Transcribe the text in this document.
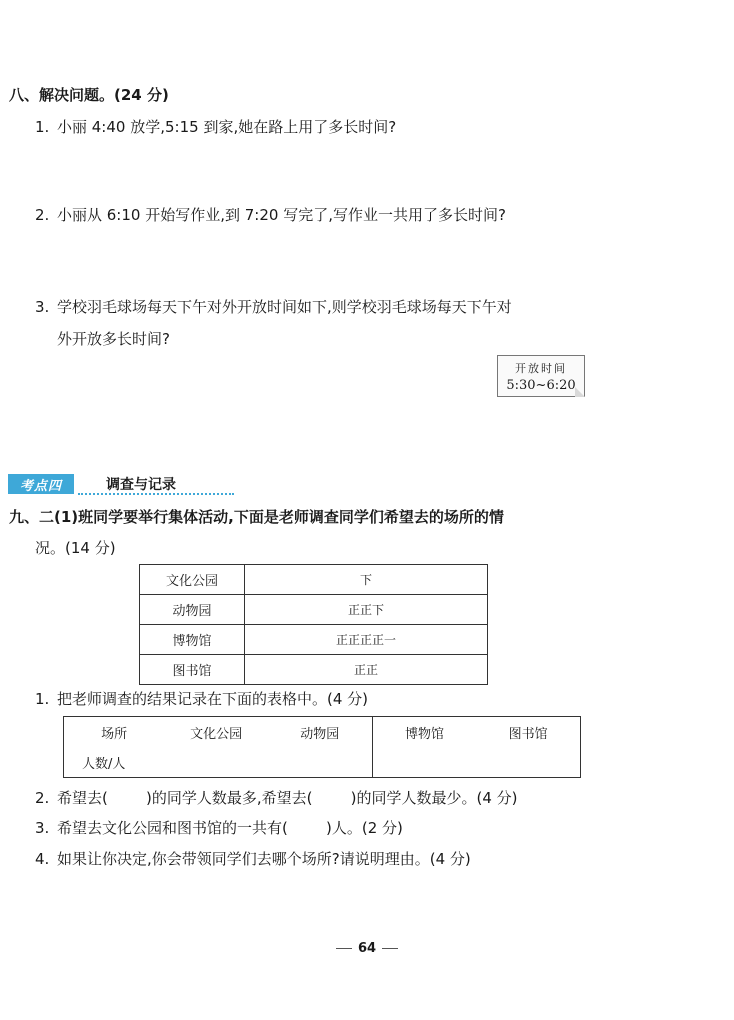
八、解决问题。(24 分)
1. 小丽 4:40 放学,5:15 到家,她在路上用了多长时间?
2. 小丽从 6:10 开始写作业,到 7:20 写完了,写作业一共用了多长时间?
3. 学校羽毛球场每天下午对外开放时间如下,则学校羽毛球场每天下午对
外开放多长时间?
开放时间
5:30~6:20
考点四	调查与记录
九、二(1)班同学要举行集体活动,下面是老师调查同学们希望去的场所的情
况。(14 分)
文化公园	下
动物园	正正下
博物馆	正正正正一
图书馆	正正
1. 把老师调查的结果记录在下面的表格中。(4 分)
场所	文化公园	动物园	博物馆	图书馆
人数/人				
2. 希望去(        )的同学人数最多,希望去(        )的同学人数最少。(4 分)
3. 希望去文化公园和图书馆的一共有(        )人。(2 分)
4. 如果让你决定,你会带领同学们去哪个场所?请说明理由。(4 分)
64
